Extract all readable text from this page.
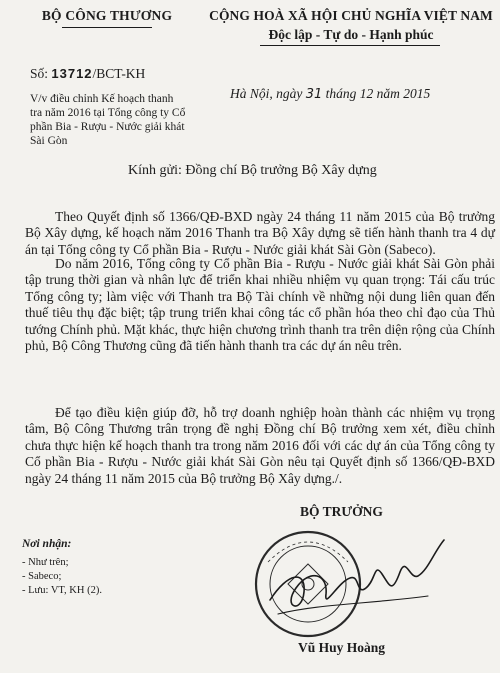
BỘ CÔNG THƯƠNG	CỘNG HOÀ XÃ HỘI CHỦ NGHĨA VIỆT NAM
Độc lập - Tự do - Hạnh phúc
Số: 13712/BCT-KH
V/v điều chỉnh Kế hoạch thanh
tra năm 2016 tại Tổng công ty Cổ
phần Bia - Rượu - Nước giải khát
Sài Gòn
Hà Nội, ngày 31 tháng 12 năm 2015
Kính gửi: Đồng chí Bộ trưởng Bộ Xây dựng
Theo Quyết định số 1366/QĐ-BXD ngày 24 tháng 11 năm 2015 của Bộ trưởng Bộ Xây dựng, kế hoạch năm 2016 Thanh tra Bộ Xây dựng sẽ tiến hành thanh tra 4 dự án tại Tổng công ty Cổ phần Bia - Rượu - Nước giải khát Sài Gòn (Sabeco).
Do năm 2016, Tổng công ty Cổ phần Bia - Rượu - Nước giải khát Sài Gòn phải tập trung thời gian và nhân lực để triển khai nhiều nhiệm vụ quan trọng: Tái cấu trúc Tổng công ty; làm việc với Thanh tra Bộ Tài chính về những nội dung liên quan đến thuế tiêu thụ đặc biệt; tập trung triển khai công tác cổ phần hóa theo chỉ đạo của Thủ tướng Chính phủ. Mặt khác, thực hiện chương trình thanh tra trên diện rộng của Chính phủ, Bộ Công Thương cũng đã tiến hành thanh tra các dự án nêu trên.
Để tạo điều kiện giúp đỡ, hỗ trợ doanh nghiệp hoàn thành các nhiệm vụ trọng tâm, Bộ Công Thương trân trọng đề nghị Đồng chí Bộ trưởng xem xét, điều chỉnh chưa thực hiện kế hoạch thanh tra trong năm 2016 đối với các dự án của Tổng công ty Cổ phần Bia - Rượu - Nước giải khát Sài Gòn nêu tại Quyết định số 1366/QĐ-BXD ngày 24 tháng 11 năm 2015 của Bộ trưởng Bộ Xây dựng./.
BỘ TRƯỞNG
Nơi nhận:
- Như trên;
- Sabeco;
- Lưu: VT, KH (2).
Vũ Huy Hoàng
